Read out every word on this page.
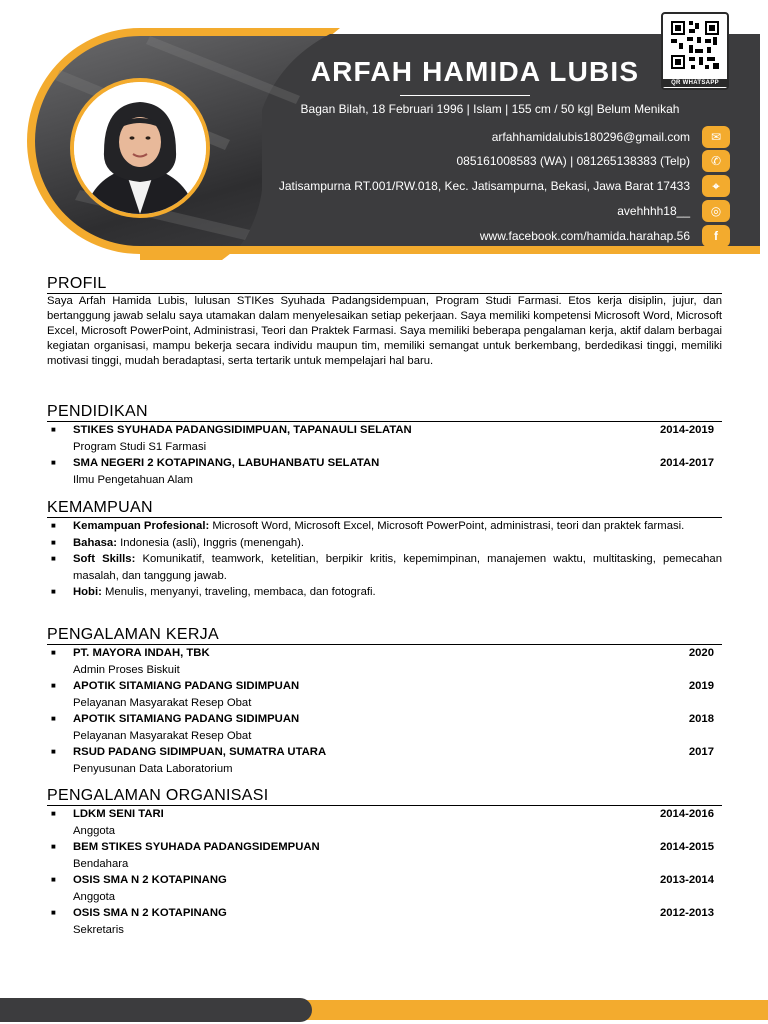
QR WHATSAPP
ARFAH HAMIDA LUBIS
Bagan Bilah, 18 Februari 1996 | Islam | 155 cm / 50 kg| Belum Menikah
arfahhamidalubis180296@gmail.com	✉
085161008583 (WA) | 081265138383 (Telp)	✆
Jatisampurna RT.001/RW.018, Kec. Jatisampurna, Bekasi, Jawa Barat 17433	⌖
avehhhh18__	◎
www.facebook.com/hamida.harahap.56	f
PROFIL
Saya Arfah Hamida Lubis, lulusan STIKes Syuhada Padangsidempuan, Program Studi Farmasi. Etos kerja disiplin, jujur, dan bertanggung jawab selalu saya utamakan dalam menyelesaikan setiap pekerjaan. Saya memiliki kompetensi Microsoft Word, Microsoft Excel, Microsoft PowerPoint, Administrasi, Teori dan Praktek Farmasi. Saya memiliki beberapa pengalaman kerja, aktif dalam berbagai kegiatan organisasi, mampu bekerja secara individu maupun tim, memiliki semangat untuk berkembang, berdedikasi tinggi, memiliki motivasi tinggi, mudah beradaptasi, serta tertarik untuk mempelajari hal baru.
PENDIDIKAN
■ STIKES SYUHADA PADANGSIDIMPUAN, TAPANAULI SELATAN	2014-2019
Program Studi S1 Farmasi
■ SMA NEGERI 2 KOTAPINANG, LABUHANBATU SELATAN	2014-2017
Ilmu Pengetahuan Alam
KEMAMPUAN
■ Kemampuan Profesional: Microsoft Word, Microsoft Excel, Microsoft PowerPoint, administrasi, teori dan praktek farmasi.
■ Bahasa: Indonesia (asli), Inggris (menengah).
■ Soft Skills: Komunikatif, teamwork, ketelitian, berpikir kritis, kepemimpinan, manajemen waktu, multitasking, pemecahan masalah, dan tanggung jawab.
■ Hobi: Menulis, menyanyi, traveling, membaca, dan fotografi.
PENGALAMAN KERJA
■ PT. MAYORA INDAH, TBK	2020
Admin Proses Biskuit
■ APOTIK SITAMIANG PADANG SIDIMPUAN	2019
Pelayanan Masyarakat Resep Obat
■ APOTIK SITAMIANG PADANG SIDIMPUAN	2018
Pelayanan Masyarakat Resep Obat
■ RSUD PADANG SIDIMPUAN, SUMATRA UTARA	2017
Penyusunan Data Laboratorium
PENGALAMAN ORGANISASI
■ LDKM SENI TARI	2014-2016
Anggota
■ BEM STIKES SYUHADA PADANGSIDEMPUAN	2014-2015
Bendahara
■ OSIS SMA N 2 KOTAPINANG	2013-2014
Anggota
■ OSIS SMA N 2 KOTAPINANG	2012-2013
Sekretaris
